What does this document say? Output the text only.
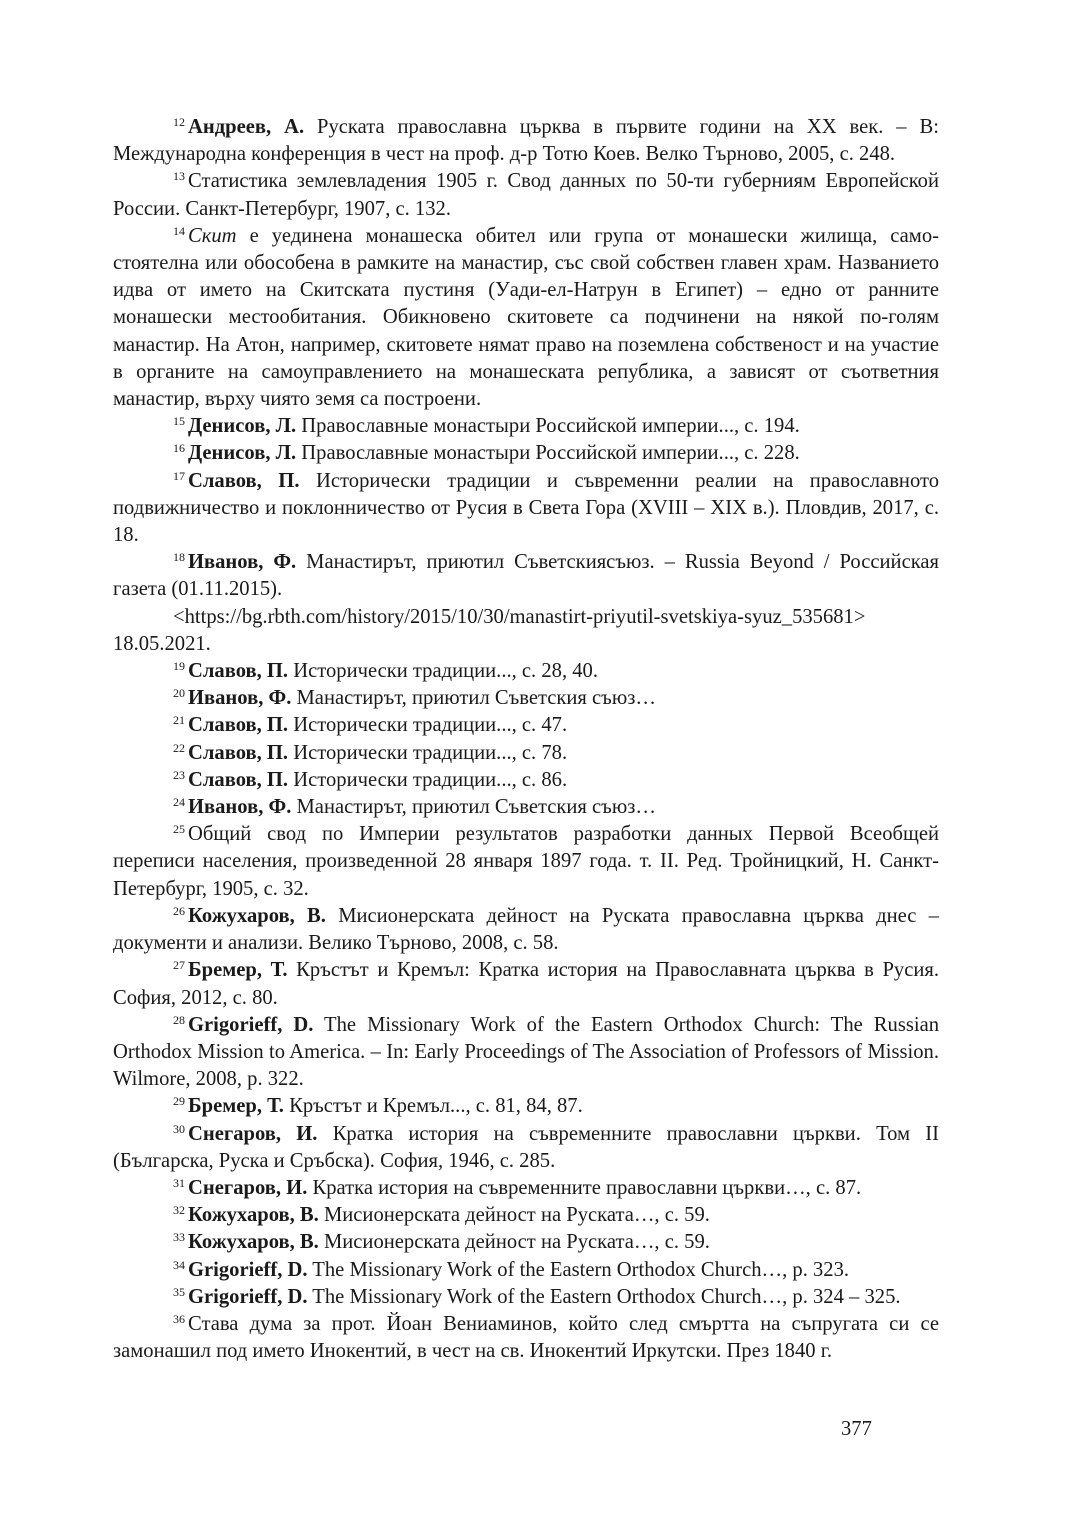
$^{12}$ Андреев, А. Руската православна църква в първите години на XX век. – В: Международна конференция в чест на проф. д-р Тотю Коев. Велко Търново, 2005, с. 248.

$^{13}$ Статистика землевладения 1905 г. Свод данных по 50-ти губерниям Европейской России. Санкт-Петербург, 1907, с. 132.

$^{14}$ Скит е уединена монашеска обител или група от монашески жилища, само- стоятелна или обособена в рамките на манастир, със свой собствен главен храм. Названието идва от името на Скитската пустиня (Уади-ел-Натрун в Египет) – едно от ранните монашески местообитания. Обикновено скитовете са подчинени на някой по-голям манастир. На Атон, например, скитовете нямат право на поземлена собственост и на участие в органите на самоуправлението на монашеската република, а зависят от съответния манастир, върху чиято земя са построени.

$^{15}$ Денисов, Л. Православные монастыри Российской империи..., с. 194.

$^{16}$ Денисов, Л. Православные монастыри Российской империи..., с. 228.

$^{17}$ Славов, П. Исторически традиции и съвременни реалии на православното подвижничество и поклонничество от Русия в Света Гора (XVIII – XIX в.). Пловдив, 2017, с. 18.

$^{18}$ Иванов, Ф. Манастирът, приютил Съветскиясъюз. – Russia Beyond / Российская газета (01.11.2015).

<https://bg.rbth.com/history/2015/10/30/manastirt-priyutil-svetskiya-syuz_535681> 18.05.2021.

$^{19}$ Славов, П. Исторически традиции..., с. 28, 40.

$^{20}$ Иванов, Ф. Манастирът, приютил Съветския съюз…

$^{21}$ Славов, П. Исторически традиции..., с. 47.

$^{22}$ Славов, П. Исторически традиции..., с. 78.

$^{23}$ Славов, П. Исторически традиции..., с. 86.

$^{24}$ Иванов, Ф. Манастирът, приютил Съветския съюз…

$^{25}$ Общий свод по Империи результатов разработки данных Первой Всеобщей переписи населения, произведенной 28 января 1897 года. т. II. Ред. Тройницкий, Н. Санкт-Петербург, 1905, с. 32.

$^{26}$ Кожухаров, В. Мисионерската дейност на Руската православна църква днес – документи и анализи. Велико Търново, 2008, с. 58.

$^{27}$ Бремер, Т. Кръстът и Кремъл: Кратка история на Православната църква в Русия. София, 2012, с. 80.

$^{28}$ Grigorieff, D. The Missionary Work of the Eastern Orthodox Church: The Russian Orthodox Mission to America. – In: Early Proceedings of The Association of Professors of Mission. Wilmore, 2008, p. 322.

$^{29}$ Бремер, Т. Кръстът и Кремъл..., с. 81, 84, 87.

$^{30}$ Снегаров, И. Кратка история на съвременните православни църкви. Том II (Българска, Руска и Сръбска). София, 1946, с. 285.

$^{31}$ Снегаров, И. Кратка история на съвременните православни църкви…, с. 87.

$^{32}$ Кожухаров, В. Мисионерската дейност на Руската…, с. 59.

$^{33}$ Кожухаров, В. Мисионерската дейност на Руската…, с. 59.

$^{34}$ Grigorieff, D. The Missionary Work of the Eastern Orthodox Church…, p. 323.

$^{35}$ Grigorieff, D. The Missionary Work of the Eastern Orthodox Church…, p. 324 – 325.

$^{36}$ Става дума за прот. Йоан Вениаминов, който след смъртта на съпругата си се замонашил под името Инокентий, в чест на св. Инокентий Иркутски. През 1840 г.

377
